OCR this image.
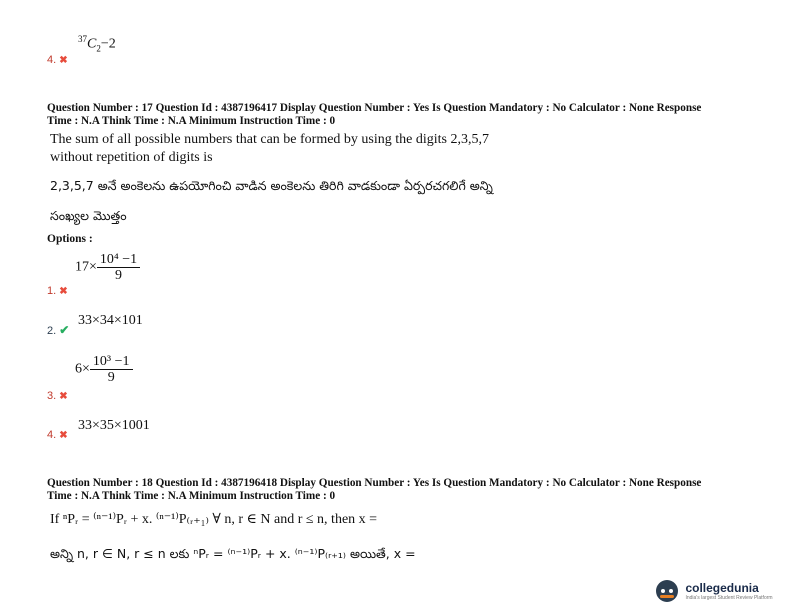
$^{37}C_2-2$
4. ✖
Question Number : 17 Question Id : 4387196417 Display Question Number : Yes Is Question Mandatory : No Calculator : None Response
Time : N.A Think Time : N.A Minimum Instruction Time : 0
The sum of all possible numbers that can be formed by using the digits 2,3,5,7
without repetition of digits is
2,3,5,7 అనే అంకెలను ఉపయోగించి వాడిన అంకెలను తిరిగి వాడకుండా ఏర్పరచగలిగే అన్ని
సంఖ్యల మొత్తం
Options :
$17\times \frac{\text{10⁴ −1}}{9}$
1. ✖
33×34×101
2. ✔
$6\times \frac{\text{10³ −1}}{9}$
3. ✖
33×35×1001
4. ✖
Question Number : 18 Question Id : 4387196418 Display Question Number : Yes Is Question Mandatory : No Calculator : None Response
Time : N.A Think Time : N.A Minimum Instruction Time : 0
If ⁿPᵣ = ⁽ⁿ⁻¹⁾Pᵣ + x. ⁽ⁿ⁻¹⁾P₍ᵣ₊₁₎ ∀ n, r ∈ N and r ≤ n, then x =
అన్ని n, r ∈ N, r ≤ n లకు ⁿPᵣ = ⁽ⁿ⁻¹⁾Pᵣ + x. ⁽ⁿ⁻¹⁾P₍ᵣ₊₁₎ అయితే, x =

collegedunia
India's largest Student Review Platform
